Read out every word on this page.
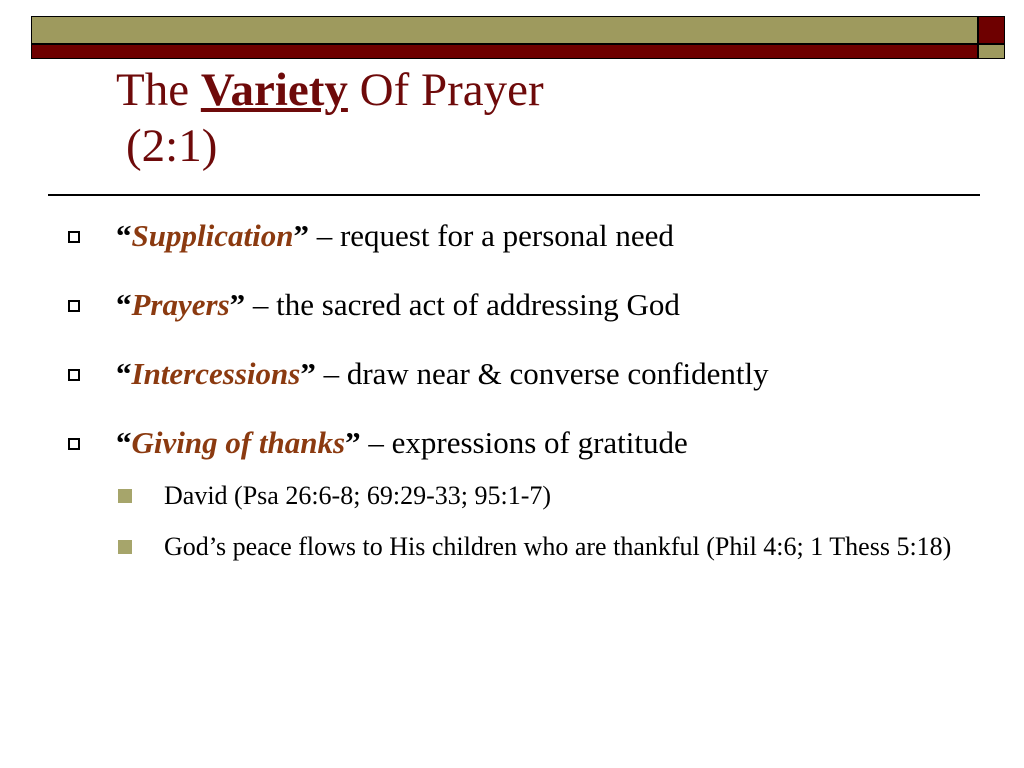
The Variety Of Prayer
(2:1)
“Supplication” – request for a personal need
“Prayers” – the sacred act of addressing God
“Intercessions” – draw near & converse confidently
“Giving of thanks” – expressions of gratitude
David (Psa 26:6-8; 69:29-33; 95:1-7)
God’s peace flows to His children who are thankful (Phil 4:6; 1 Thess 5:18)
